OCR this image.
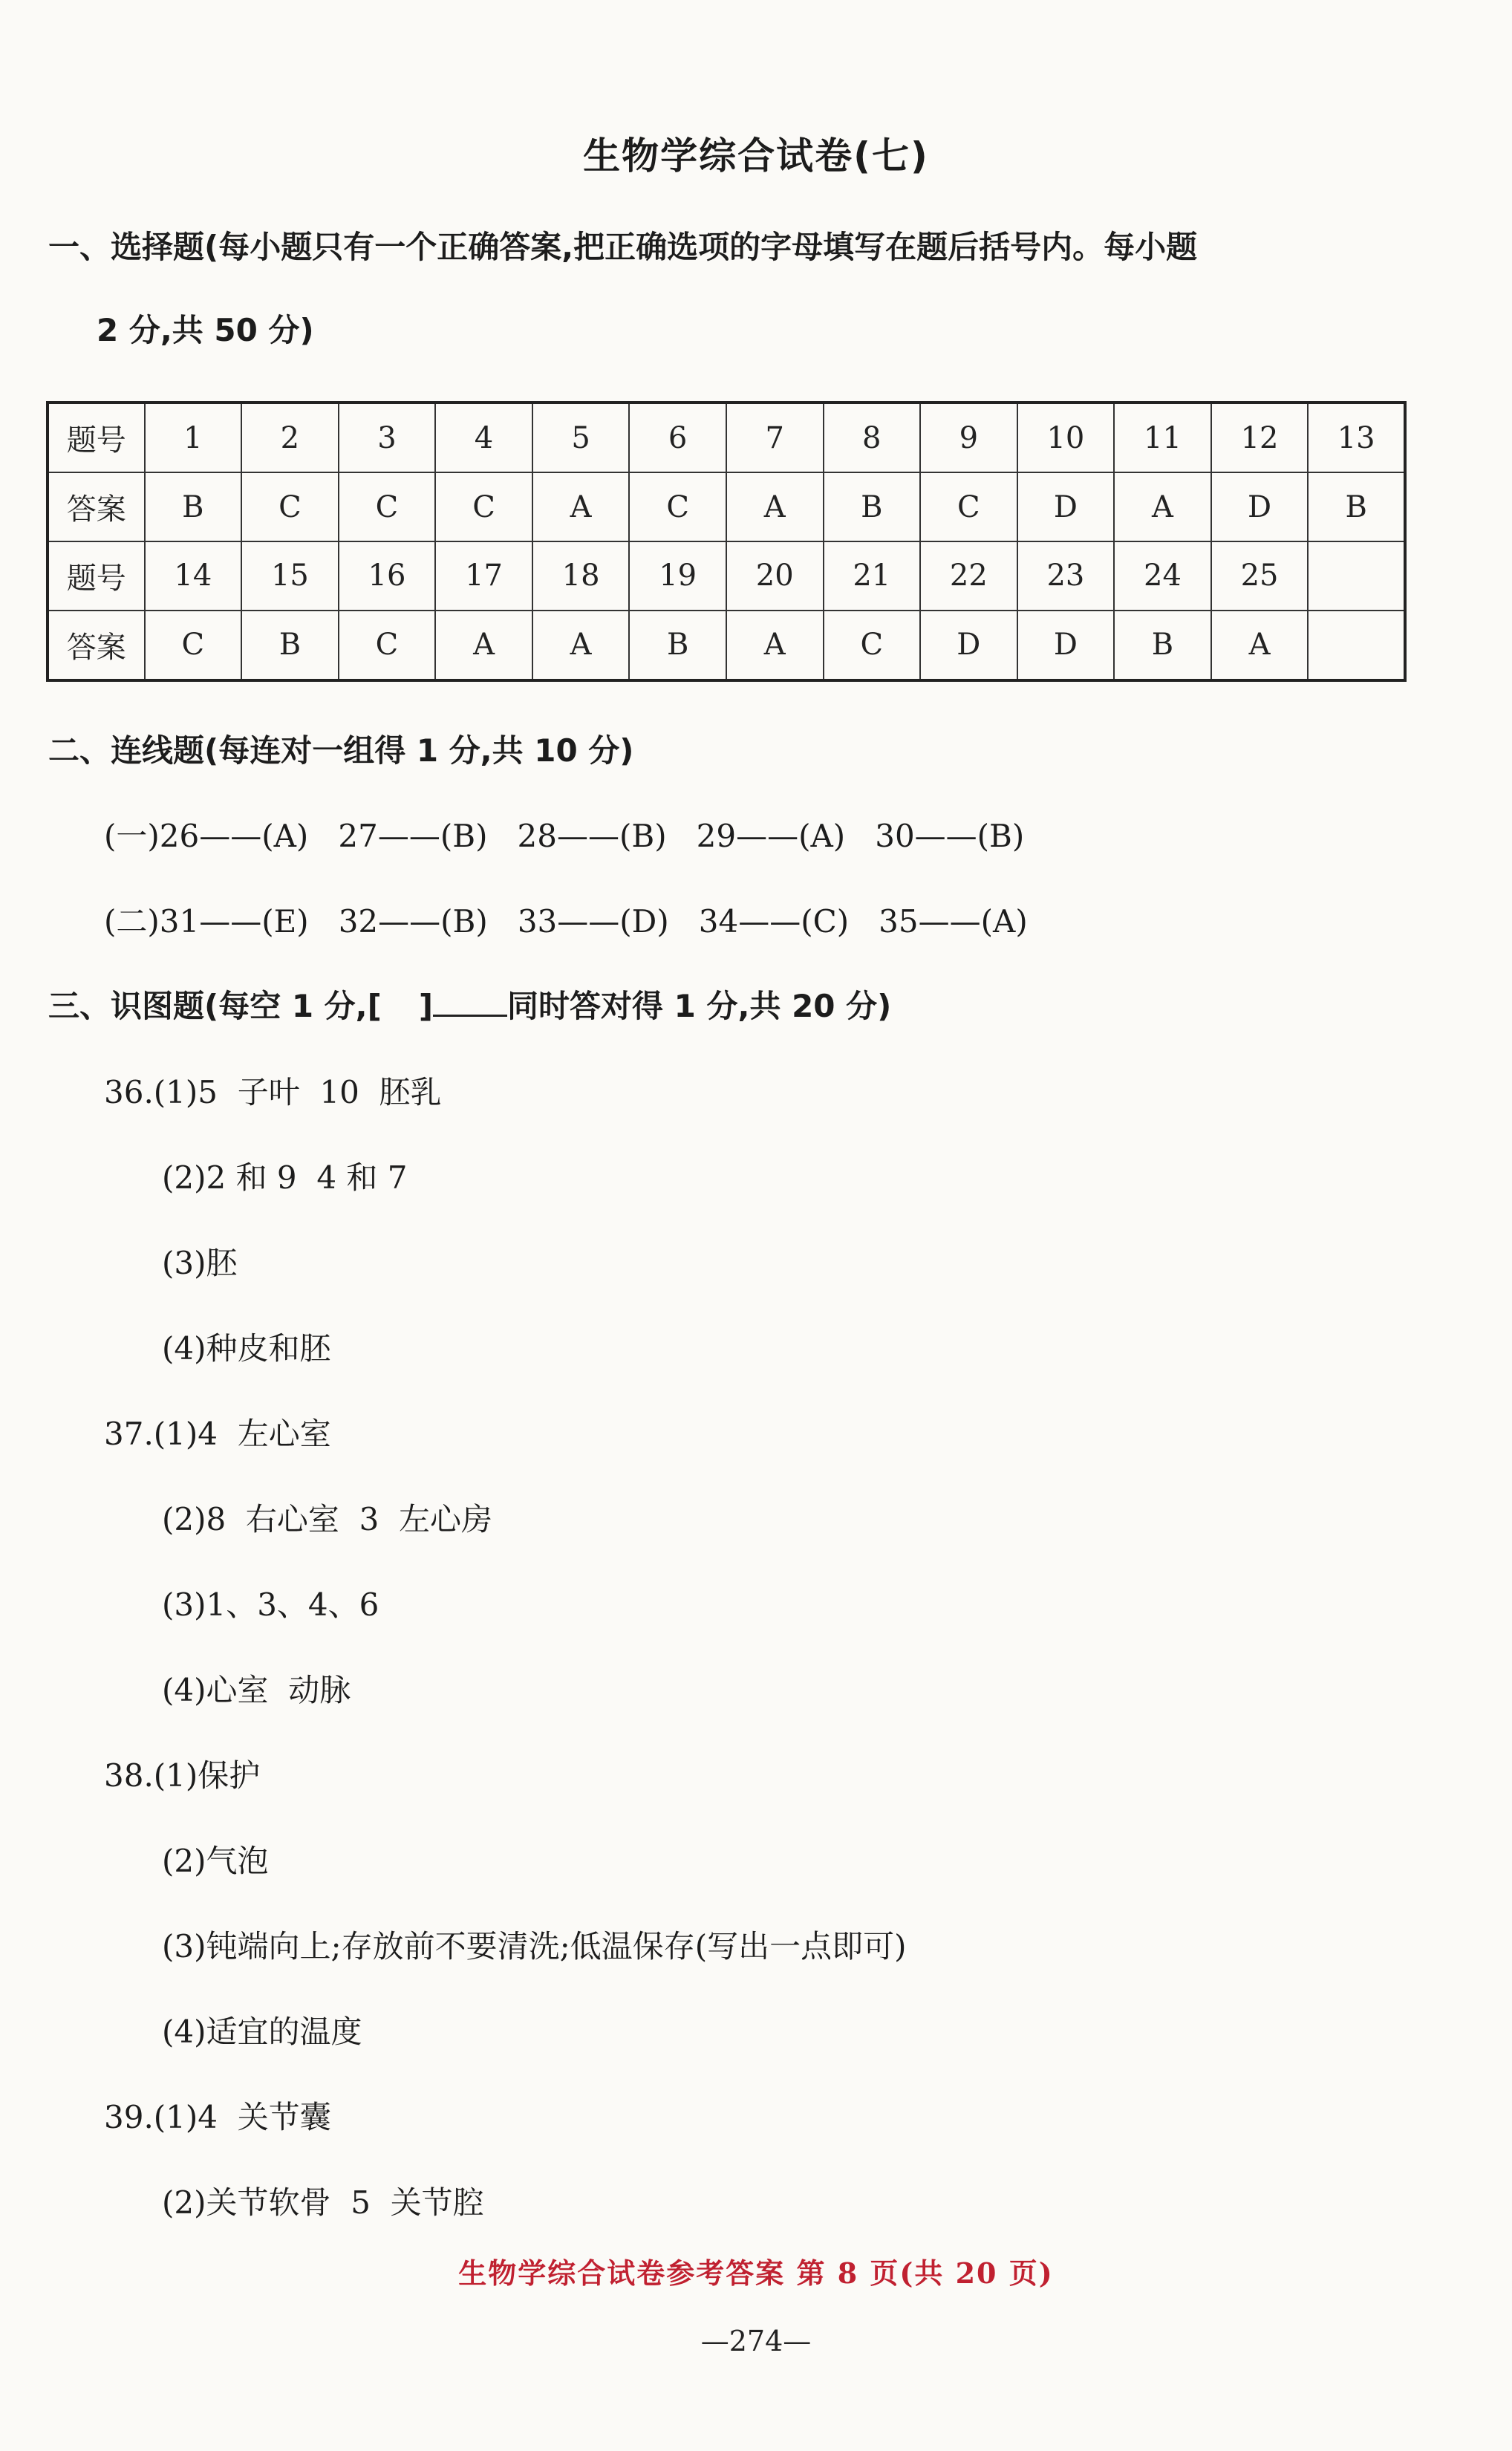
生物学综合试卷(七)
一、选择题(每小题只有一个正确答案,把正确选项的字母填写在题后括号内。每小题
2 分,共 50 分)
题号	1	2	3	4	5	6	7	8	9	10	11	12	13
答案	B	C	C	C	A	C	A	B	C	D	A	D	B
题号	14	15	16	17	18	19	20	21	22	23	24	25	
答案	C	B	C	A	A	B	A	C	D	D	B	A	
二、连线题(每连对一组得 1 分,共 10 分)
(一)26——(A)   27——(B)   28——(B)   29——(A)   30——(B)
(二)31——(E)   32——(B)   33——(D)   34——(C)   35——(A)
三、识图题(每空 1 分,[ ] 同时答对得 1 分,共 20 分)
36.(1)5  子叶  10  胚乳
(2)2 和 9  4 和 7
(3)胚
(4)种皮和胚
37.(1)4  左心室
(2)8  右心室  3  左心房
(3)1、3、4、6
(4)心室  动脉
38.(1)保护
(2)气泡
(3)钝端向上;存放前不要清洗;低温保存(写出一点即可)
(4)适宜的温度
39.(1)4  关节囊
(2)关节软骨  5  关节腔
生物学综合试卷参考答案 第 8 页(共 20 页)
—274—
